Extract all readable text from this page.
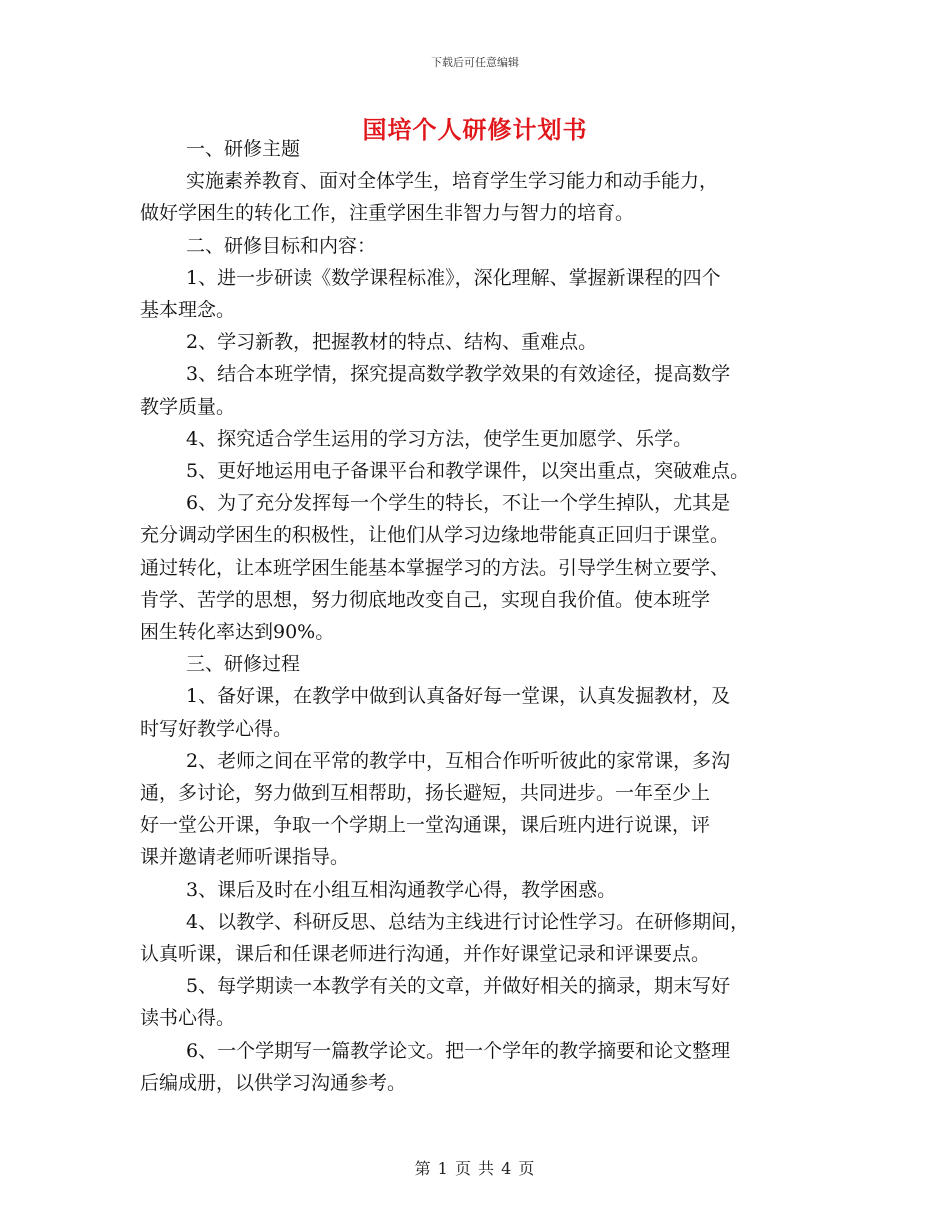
下载后可任意编辑
国培个人研修计划书
一、研修主题
实施素养教育、面对全体学生，培育学生学习能力和动手能力，
做好学困生的转化工作，注重学困生非智力与智力的培育。
二、研修目标和内容：
1、进一步研读《数学课程标准》，深化理解、掌握新课程的四个
基本理念。
2、学习新教，把握教材的特点、结构、重难点。
3、结合本班学情，探究提高数学教学效果的有效途径，提高数学
教学质量。
4、探究适合学生运用的学习方法，使学生更加愿学、乐学。
5、更好地运用电子备课平台和教学课件，以突出重点，突破难点。
6、为了充分发挥每一个学生的特长，不让一个学生掉队，尤其是
充分调动学困生的积极性，让他们从学习边缘地带能真正回归于课堂。
通过转化，让本班学困生能基本掌握学习的方法。引导学生树立要学、
肯学、苦学的思想，努力彻底地改变自己，实现自我价值。使本班学
困生转化率达到90%。
三、研修过程
1、备好课，在教学中做到认真备好每一堂课，认真发掘教材，及
时写好教学心得。
2、老师之间在平常的教学中，互相合作听听彼此的家常课，多沟
通，多讨论，努力做到互相帮助，扬长避短，共同进步。一年至少上
好一堂公开课，争取一个学期上一堂沟通课，课后班内进行说课，评
课并邀请老师听课指导。
3、课后及时在小组互相沟通教学心得，教学困惑。
4、以教学、科研反思、总结为主线进行讨论性学习。在研修期间，
认真听课，课后和任课老师进行沟通，并作好课堂记录和评课要点。
5、每学期读一本教学有关的文章，并做好相关的摘录，期末写好
读书心得。
6、一个学期写一篇教学论文。把一个学年的教学摘要和论文整理
后编成册，以供学习沟通参考。
第 1 页 共 4 页
